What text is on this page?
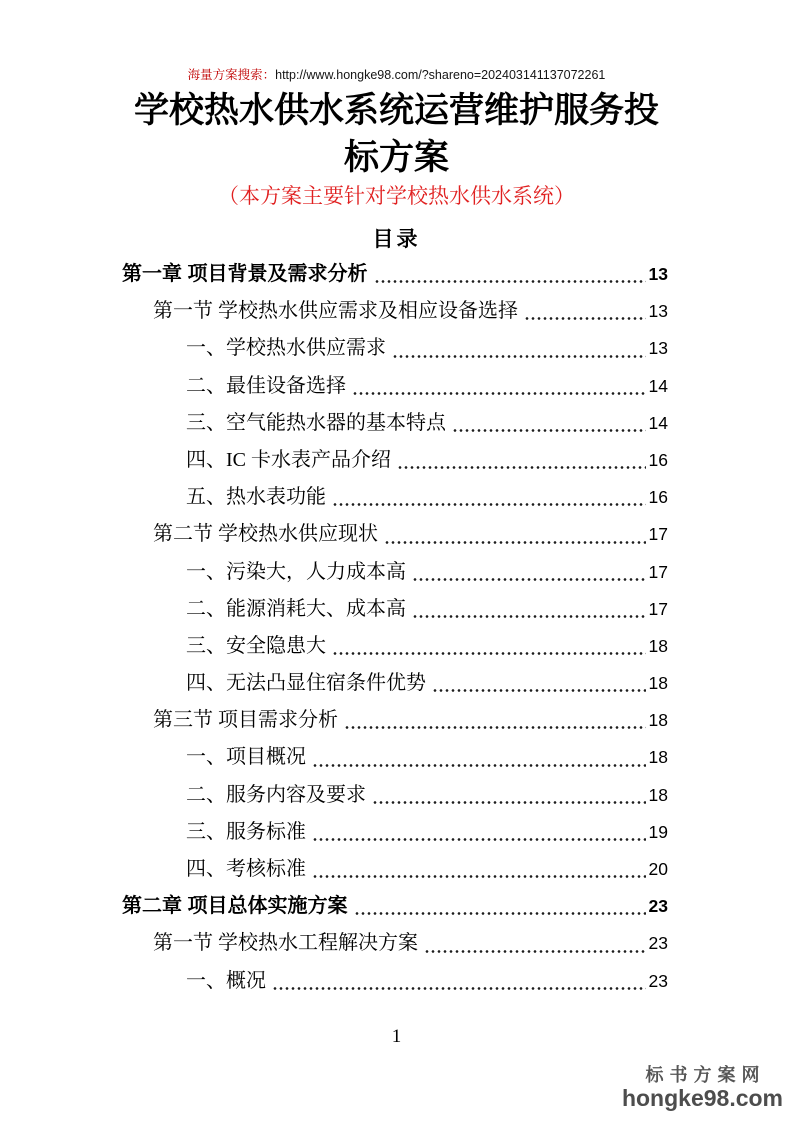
海量方案搜索：http://www.hongke98.com/?shareno=202403141137072261
学校热水供水系统运营维护服务投标方案
（本方案主要针对学校热水供水系统）
目录
第一章 项目背景及需求分析	13
第一节 学校热水供应需求及相应设备选择	13
一、学校热水供应需求	13
二、最佳设备选择	14
三、空气能热水器的基本特点	14
四、IC 卡水表产品介绍	16
五、热水表功能	16
第二节 学校热水供应现状	17
一、污染大，人力成本高	17
二、能源消耗大、成本高	17
三、安全隐患大	18
四、无法凸显住宿条件优势	18
第三节 项目需求分析	18
一、项目概况	18
二、服务内容及要求	18
三、服务标准	19
四、考核标准	20
第二章 项目总体实施方案	23
第一节 学校热水工程解决方案	23
一、概况	23
1
标书方案网
hongke98.com
